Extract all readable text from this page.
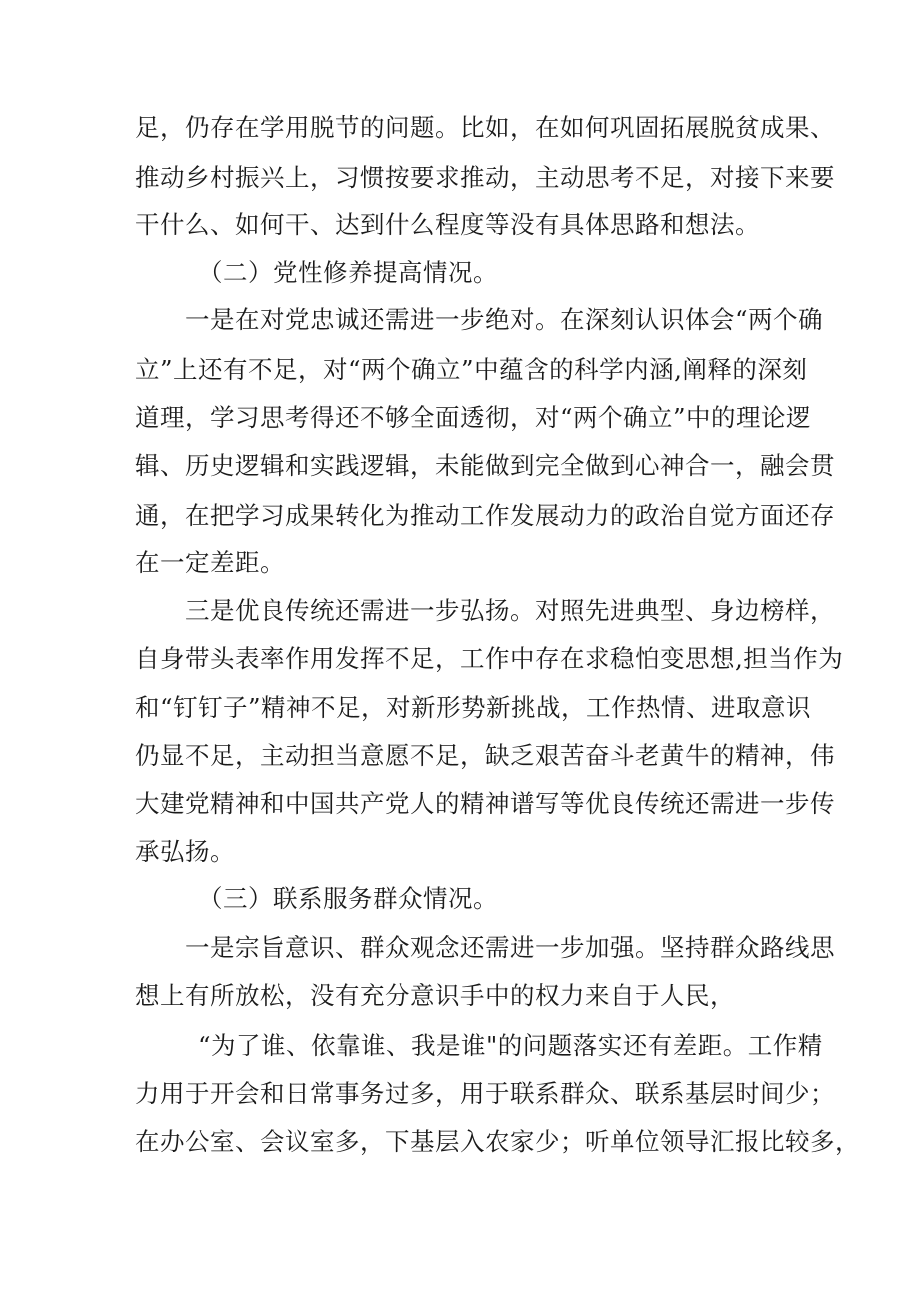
足，仍存在学用脱节的问题。比如，在如何巩固拓展脱贫成果、
推动乡村振兴上，习惯按要求推动，主动思考不足，对接下来要
干什么、如何干、达到什么程度等没有具体思路和想法。
（二）党性修养提高情况。
一是在对党忠诚还需进一步绝对。在深刻认识体会“两个确
立”上还有不足，对“两个确立”中蕴含的科学内涵,阐释的深刻
道理，学习思考得还不够全面透彻，对“两个确立”中的理论逻
辑、历史逻辑和实践逻辑，未能做到完全做到心神合一，融会贯
通，在把学习成果转化为推动工作发展动力的政治自觉方面还存
在一定差距。
三是优良传统还需进一步弘扬。对照先进典型、身边榜样，
自身带头表率作用发挥不足，工作中存在求稳怕变思想,担当作为
和“钉钉子”精神不足，对新形势新挑战，工作热情、进取意识
仍显不足，主动担当意愿不足，缺乏艰苦奋斗老黄牛的精神，伟
大建党精神和中国共产党人的精神谱写等优良传统还需进一步传
承弘扬。
（三）联系服务群众情况。
一是宗旨意识、群众观念还需进一步加强。坚持群众路线思
想上有所放松，没有充分意识手中的权力来自于人民，
“为了谁、依靠谁、我是谁"的问题落实还有差距。工作精
力用于开会和日常事务过多，用于联系群众、联系基层时间少；
在办公室、会议室多，下基层入农家少；听单位领导汇报比较多，
